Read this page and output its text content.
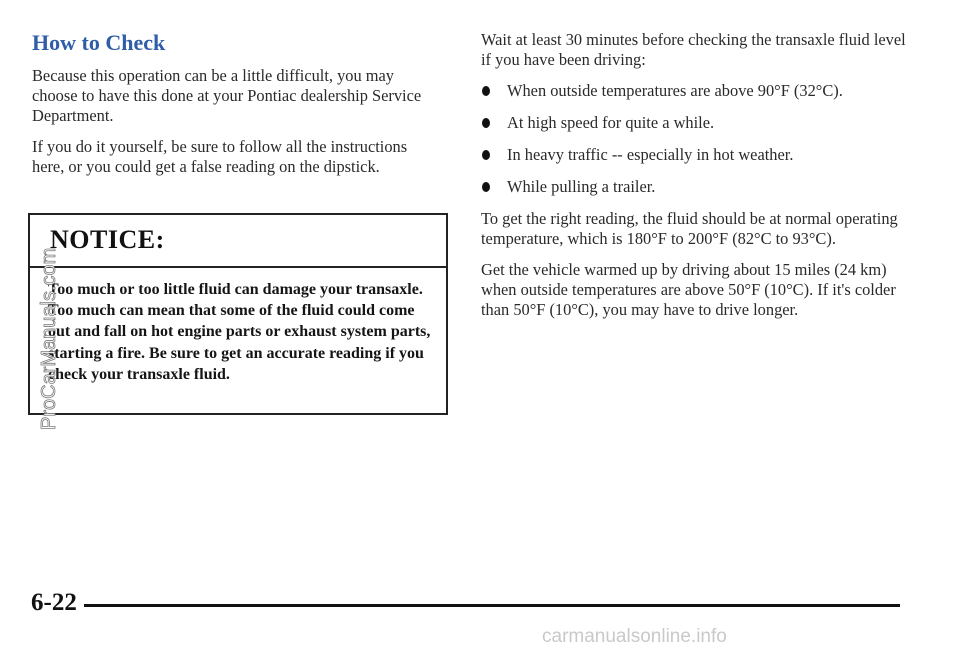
How to Check

Because this operation can be a little difficult, you may choose to have this done at your Pontiac dealership Service Department.

If you do it yourself, be sure to follow all the instructions here, or you could get a false reading on the dipstick.

NOTICE:
Too much or too little fluid can damage your transaxle. Too much can mean that some of the fluid could come out and fall on hot engine parts or exhaust system parts, starting a fire. Be sure to get an accurate reading if you check your transaxle fluid.

Wait at least 30 minutes before checking the transaxle fluid level if you have been driving:

When outside temperatures are above 90°F (32°C).
At high speed for quite a while.
In heavy traffic -- especially in hot weather.
While pulling a trailer.

To get the right reading, the fluid should be at normal operating temperature, which is 180°F to 200°F (82°C to 93°C).

Get the vehicle warmed up by driving about 15 miles (24 km) when outside temperatures are above 50°F (10°C). If it's colder than 50°F (10°C), you may have to drive longer.

ProCarManuals.com
6-22
carmanualsonline.info
